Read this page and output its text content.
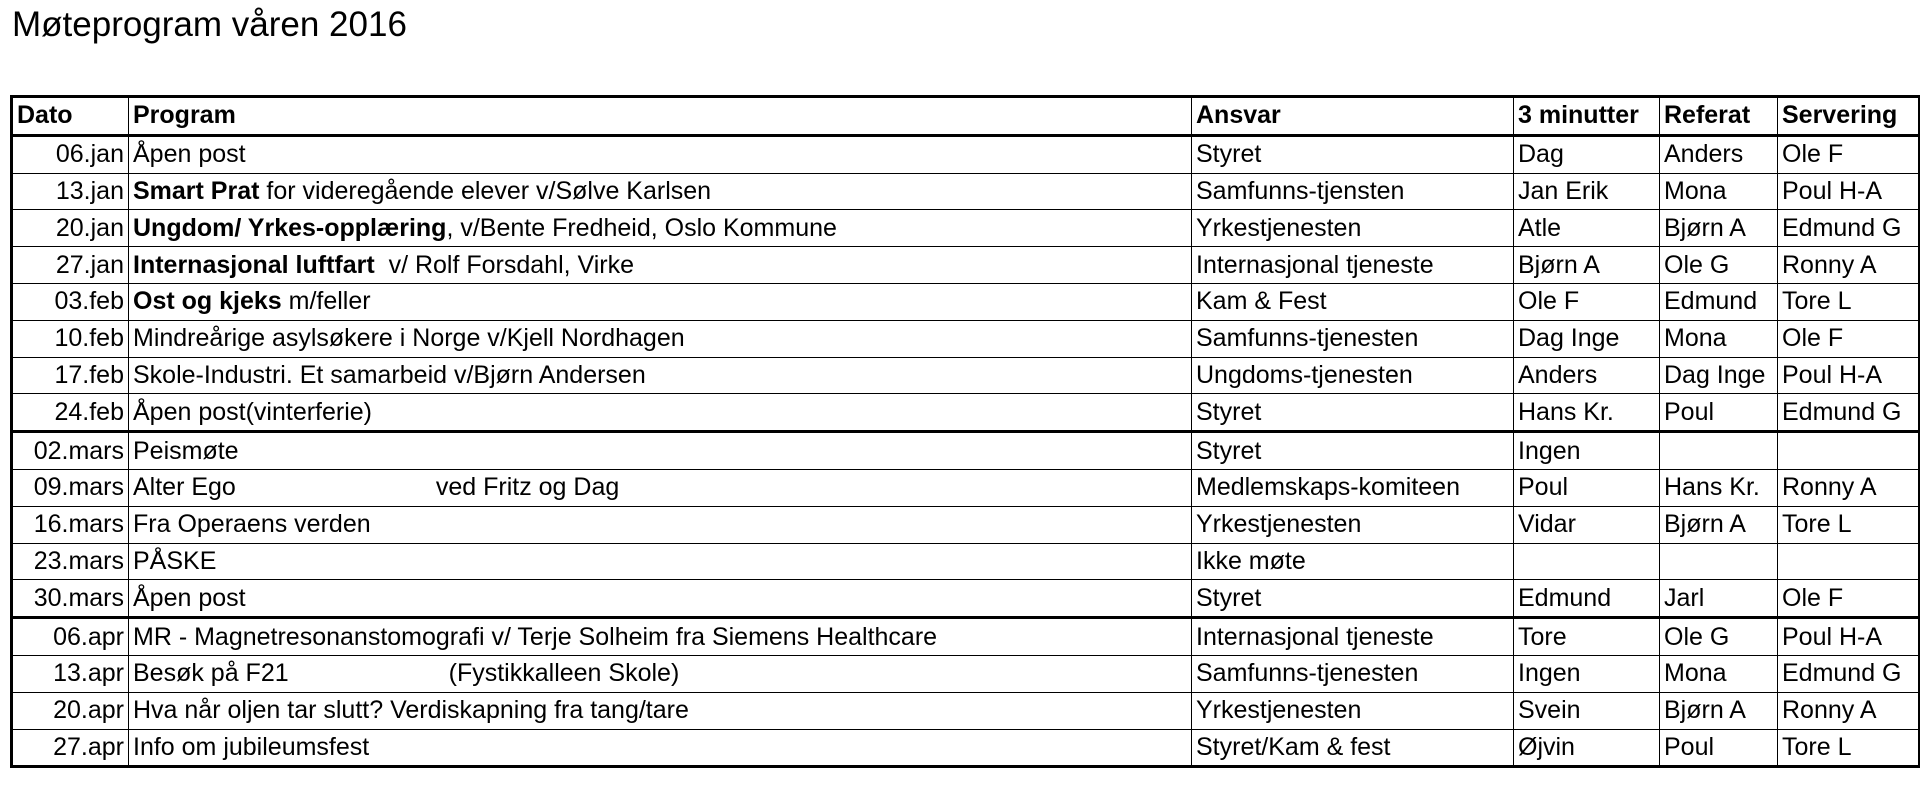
Møteprogram våren 2016
Dato	Program	Ansvar	3 minutter	Referat	Servering
06.jan	Åpen post	Styret	Dag	Anders	Ole F
13.jan	Smart Prat for videregående elever v/Sølve Karlsen	Samfunns-tjensten	Jan Erik	Mona	Poul H-A
20.jan	Ungdom/ Yrkes-opplæring, v/Bente Fredheid, Oslo Kommune	Yrkestjenesten	Atle	Bjørn A	Edmund G
27.jan	Internasjonal luftfart  v/ Rolf Forsdahl, Virke	Internasjonal tjeneste	Bjørn A	Ole G	Ronny A
03.feb	Ost og kjeks m/feller	Kam & Fest	Ole F	Edmund	Tore L
10.feb	Mindreårige asylsøkere i Norge v/Kjell Nordhagen	Samfunns-tjenesten	Dag Inge	Mona	Ole F
17.feb	Skole-Industri. Et samarbeid v/Bjørn Andersen	Ungdoms-tjenesten	Anders	Dag Inge	Poul H-A
24.feb	Åpen post(vinterferie)	Styret	Hans Kr.	Poul	Edmund G
02.mars	Peismøte	Styret	Ingen		
09.mars	Alter Ego ved Fritz og Dag	Medlemskaps-komiteen	Poul	Hans Kr.	Ronny A
16.mars	Fra Operaens verden	Yrkestjenesten	Vidar	Bjørn A	Tore L
23.mars	PÅSKE	Ikke møte			
30.mars	Åpen post	Styret	Edmund	Jarl	Ole F
06.apr	MR - Magnetresonanstomografi v/ Terje Solheim fra Siemens Healthcare	Internasjonal tjeneste	Tore	Ole G	Poul H-A
13.apr	Besøk på F21 (Fystikkalleen Skole)	Samfunns-tjenesten	Ingen	Mona	Edmund G
20.apr	Hva når oljen tar slutt? Verdiskapning fra tang/tare	Yrkestjenesten	Svein	Bjørn A	Ronny A
27.apr	Info om jubileumsfest	Styret/Kam & fest	Øjvin	Poul	Tore L
